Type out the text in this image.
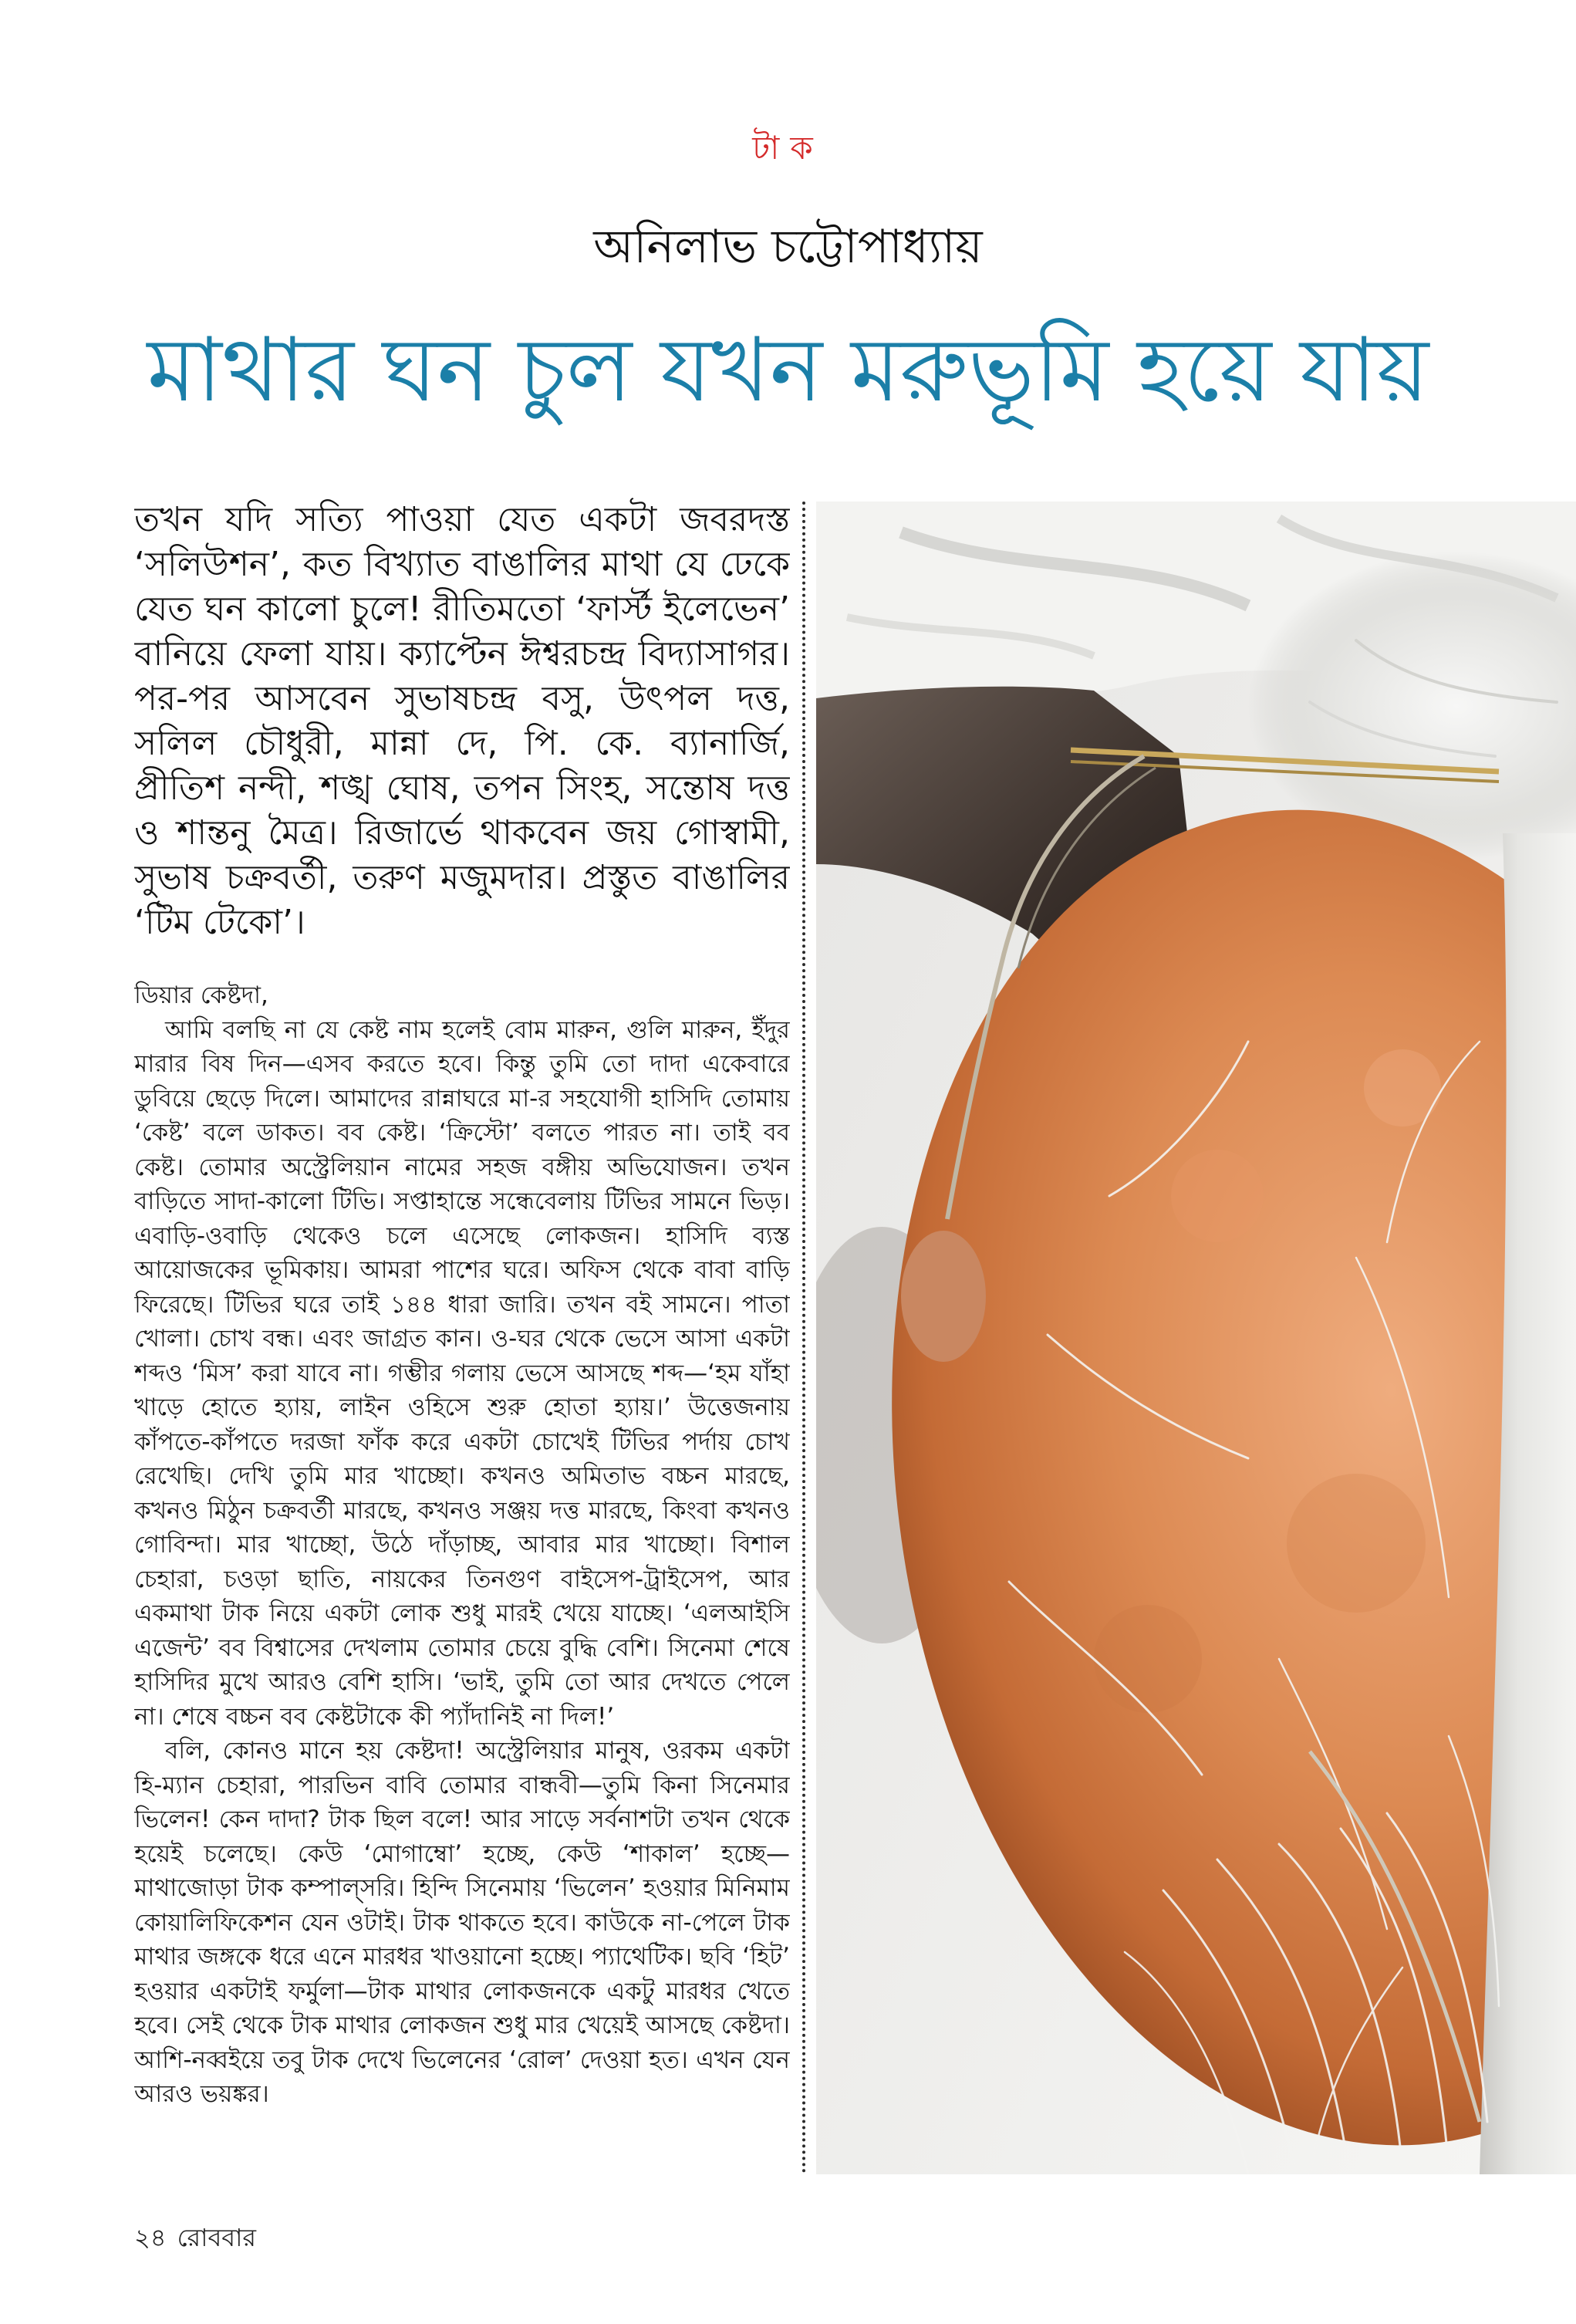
টাক
অনিলাভ চট্টোপাধ্যায়
মাথার ঘন চুল যখন মরুভূমি হয়ে যায়

তখন যদি সত্যি পাওয়া যেত একটা জবরদস্ত ‘সলিউশন’, কত বিখ্যাত বাঙালির মাথা যে ঢেকে যেত ঘন কালো চুলে! রীতিমতো ‘ফার্স্ট ইলেভেন’ বানিয়ে ফেলা যায়। ক্যাপ্টেন ঈশ্বরচন্দ্র বিদ্যাসাগর। পর-পর আসবেন সুভাষচন্দ্র বসু, উৎপল দত্ত, সলিল চৌধুরী, মান্না দে, পি. কে. ব্যানার্জি, প্রীতিশ নন্দী, শঙ্খ ঘোষ, তপন সিংহ, সন্তোষ দত্ত ও শান্তনু মৈত্র। রিজার্ভে থাকবেন জয় গোস্বামী, সুভাষ চক্রবর্তী, তরুণ মজুমদার। প্রস্তুত বাঙালির ‘টিম টেকো’।

ডিয়ার কেষ্টদা,

আমি বলছি না যে কেষ্ট নাম হলেই বোম মারুন, গুলি মারুন, ইঁদুর মারার বিষ দিন—এসব করতে হবে। কিন্তু তুমি তো দাদা একেবারে ডুবিয়ে ছেড়ে দিলে। আমাদের রান্নাঘরে মা-র সহযোগী হাসিদি তোমায় ‘কেষ্ট’ বলে ডাকত। বব কেষ্ট। ‘ক্রিস্টো’ বলতে পারত না। তাই বব কেষ্ট। তোমার অস্ট্রেলিয়ান নামের সহজ বঙ্গীয় অভিযোজন। তখন বাড়িতে সাদা-কালো টিভি। সপ্তাহান্তে সন্ধেবেলায় টিভির সামনে ভিড়। এবাড়ি-ওবাড়ি থেকেও চলে এসেছে লোকজন। হাসিদি ব্যস্ত আয়োজকের ভূমিকায়। আমরা পাশের ঘরে। অফিস থেকে বাবা বাড়ি ফিরেছে। টিভির ঘরে তাই ১৪৪ ধারা জারি। তখন বই সামনে। পাতা খোলা। চোখ বন্ধ। এবং জাগ্রত কান। ও-ঘর থেকে ভেসে আসা একটা শব্দও ‘মিস’ করা যাবে না। গম্ভীর গলায় ভেসে আসছে শব্দ—‘হম যাঁহা খাড়ে হোতে হ্যায়, লাইন ওহিসে শুরু হোতা হ্যায়।’ উত্তেজনায় কাঁপতে-কাঁপতে দরজা ফাঁক করে একটা চোখেই টিভির পর্দায় চোখ রেখেছি। দেখি তুমি মার খাচ্ছো। কখনও অমিতাভ বচ্চন মারছে, কখনও মিঠুন চক্রবর্তী মারছে, কখনও সঞ্জয় দত্ত মারছে, কিংবা কখনও গোবিন্দা। মার খাচ্ছো, উঠে দাঁড়াচ্ছ, আবার মার খাচ্ছো। বিশাল চেহারা, চওড়া ছাতি, নায়কের তিনগুণ বাইসেপ-ট্রাইসেপ, আর একমাথা টাক নিয়ে একটা লোক শুধু মারই খেয়ে যাচ্ছে। ‘এলআইসি এজেন্ট’ বব বিশ্বাসের দেখলাম তোমার চেয়ে বুদ্ধি বেশি। সিনেমা শেষে হাসিদির মুখে আরও বেশি হাসি। ‘ভাই, তুমি তো আর দেখতে পেলে না। শেষে বচ্চন বব কেষ্টটাকে কী প্যাঁদানিই না দিল!’

বলি, কোনও মানে হয় কেষ্টদা! অস্ট্রেলিয়ার মানুষ, ওরকম একটা হি-ম্যান চেহারা, পারভিন বাবি তোমার বান্ধবী—তুমি কিনা সিনেমার ভিলেন! কেন দাদা? টাক ছিল বলে! আর সাড়ে সর্বনাশটা তখন থেকে হয়েই চলেছে। কেউ ‘মোগাম্বো’ হচ্ছে, কেউ ‘শাকাল’ হচ্ছে—মাথাজোড়া টাক কম্পাল্‌সরি। হিন্দি সিনেমায় ‘ভিলেন’ হওয়ার মিনিমাম কোয়ালিফিকেশন যেন ওটাই। টাক থাকতে হবে। কাউকে না-পেলে টাক মাথার জঙ্গকে ধরে এনে মারধর খাওয়ানো হচ্ছে। প্যাথেটিক। ছবি ‘হিট’ হওয়ার একটাই ফর্মুলা—টাক মাথার লোকজনকে একটু মারধর খেতে হবে। সেই থেকে টাক মাথার লোকজন শুধু মার খেয়েই আসছে কেষ্টদা। আশি-নব্বইয়ে তবু টাক দেখে ভিলেনের ‘রোল’ দেওয়া হত। এখন যেন আরও ভয়ঙ্কর।

২৪ রোববার
